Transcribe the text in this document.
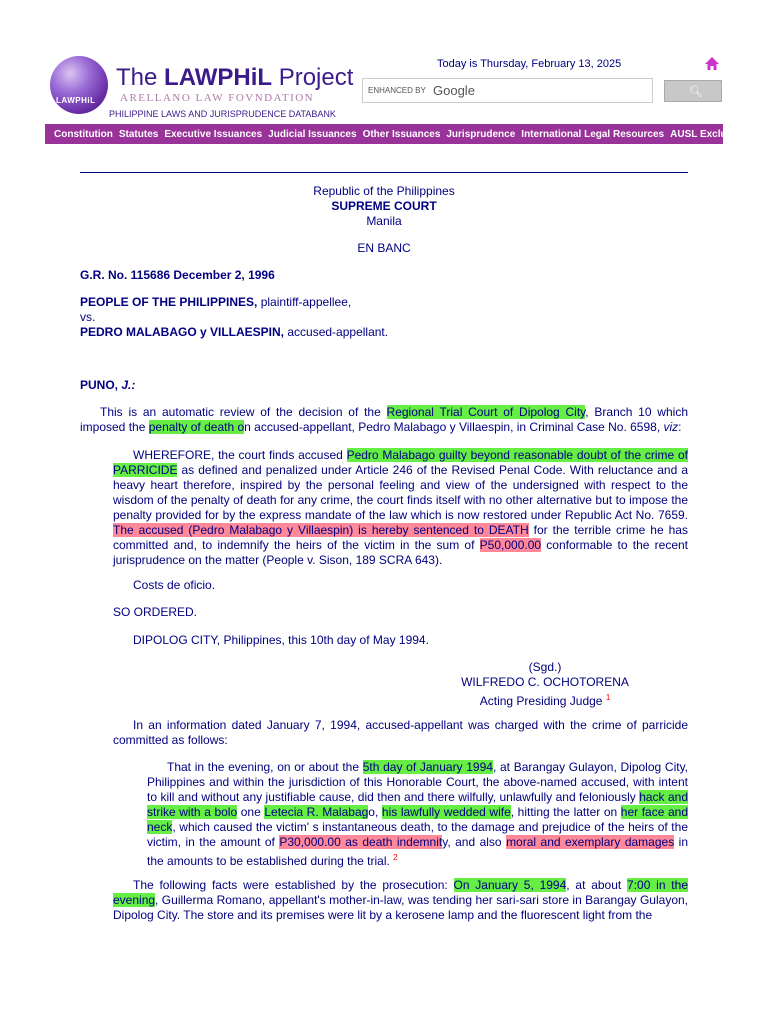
LAWPHiL
The LAWPHiL Project
ARELLANO LAW FOVNDATION
PHILIPPINE LAWS AND JURISPRUDENCE DATABANK
Today is Thursday, February 13, 2025
ENHANCED BY Google	🔍︎
Constitution Statutes Executive Issuances Judicial Issuances Other Issuances Jurisprudence International Legal Resources AUSL Exclusive
Republic of the Philippines
SUPREME COURT
Manila
EN BANC
G.R. No. 115686 December 2, 1996
PEOPLE OF THE PHILIPPINES, plaintiff-appellee,
vs.
PEDRO MALABAGO y VILLAESPIN, accused-appellant.
PUNO, J.:
This is an automatic review of the decision of the Regional Trial Court of Dipolog City, Branch 10 which imposed the penalty of death on accused-appellant, Pedro Malabago y Villaespin, in Criminal Case No. 6598, viz:
WHEREFORE, the court finds accused Pedro Malabago guilty beyond reasonable doubt of the crime of PARRICIDE as defined and penalized under Article 246 of the Revised Penal Code. With reluctance and a heavy heart therefore, inspired by the personal feeling and view of the undersigned with respect to the wisdom of the penalty of death for any crime, the court finds itself with no other alternative but to impose the penalty provided for by the express mandate of the law which is now restored under Republic Act No. 7659. The accused (Pedro Malabago y Villaespin) is hereby sentenced to DEATH for the terrible crime he has committed and, to indemnify the heirs of the victim in the sum of P50,000.00 conformable to the recent jurisprudence on the matter (People v. Sison, 189 SCRA 643).
Costs de oficio.
SO ORDERED.
DIPOLOG CITY, Philippines, this 10th day of May 1994.
(Sgd.)
WILFREDO C. OCHOTORENA
Acting Presiding Judge $^1$
In an information dated January 7, 1994, accused-appellant was charged with the crime of parricide committed as follows:
That in the evening, on or about the 5th day of January 1994, at Barangay Gulayon, Dipolog City, Philippines and within the jurisdiction of this Honorable Court, the above-named accused, with intent to kill and without any justifiable cause, did then and there wilfully, unlawfully and feloniously hack and strike with a bolo one Letecia R. Malabago, his lawfully wedded wife, hitting the latter on her face and neck, which caused the victim' s instantaneous death, to the damage and prejudice of the heirs of the victim, in the amount of P30,000.00 as death indemnity, and also moral and exemplary damages in the amounts to be established during the trial. $^2$
The following facts were established by the prosecution: On January 5, 1994, at about 7:00 in the evening, Guillerma Romano, appellant's mother-in-law, was tending her sari-sari store in Barangay Gulayon, Dipolog City. The store and its premises were lit by a kerosene lamp and the fluorescent light from the
